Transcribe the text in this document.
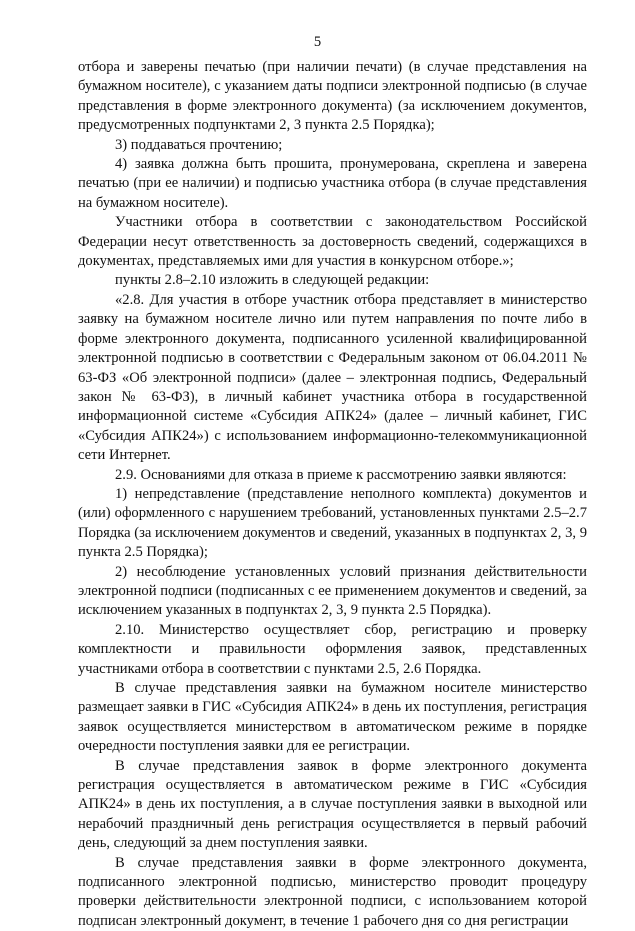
5

отбора и заверены печатью (при наличии печати) (в случае представления на бумажном носителе), с указанием даты подписи электронной подписью (в случае представления в форме электронного документа) (за исключением документов, предусмотренных подпунктами 2, 3 пункта 2.5 Порядка);

3) поддаваться прочтению;

4) заявка должна быть прошита, пронумерована, скреплена и заверена печатью (при ее наличии) и подписью участника отбора (в случае представления на бумажном носителе).

Участники отбора в соответствии с законодательством Российской Федерации несут ответственность за достоверность сведений, содержащихся в документах, представляемых ими для участия в конкурсном отборе.»;

пункты 2.8–2.10 изложить в следующей редакции:

«2.8. Для участия в отборе участник отбора представляет в министерство заявку на бумажном носителе лично или путем направления по почте либо в форме электронного документа, подписанного усиленной квалифицированной электронной подписью в соответствии с Федеральным законом от 06.04.2011 № 63-ФЗ «Об электронной подписи» (далее – электронная подпись, Федеральный закон № 63-ФЗ), в личный кабинет участника отбора в государственной информационной системе «Субсидия АПК24» (далее – личный кабинет, ГИС «Субсидия АПК24») с использованием информационно-телекоммуникационной сети Интернет.

2.9. Основаниями для отказа в приеме к рассмотрению заявки являются:

1) непредставление (представление неполного комплекта) документов и (или) оформленного с нарушением требований, установленных пунктами 2.5–2.7 Порядка (за исключением документов и сведений, указанных в подпунктах 2, 3, 9 пункта 2.5 Порядка);

2) несоблюдение установленных условий признания действительности электронной подписи (подписанных с ее применением документов и сведений, за исключением указанных в подпунктах 2, 3, 9 пункта 2.5 Порядка).

2.10. Министерство осуществляет сбор, регистрацию и проверку комплектности и правильности оформления заявок, представленных участниками отбора в соответствии с пунктами 2.5, 2.6 Порядка.

В случае представления заявки на бумажном носителе министерство размещает заявки в ГИС «Субсидия АПК24» в день их поступления, регистрация заявок осуществляется министерством в автоматическом режиме в порядке очередности поступления заявки для ее регистрации.

В случае представления заявок в форме электронного документа регистрация осуществляется в автоматическом режиме в ГИС «Субсидия АПК24» в день их поступления, а в случае поступления заявки в выходной или нерабочий праздничный день регистрация осуществляется в первый рабочий день, следующий за днем поступления заявки.

В случае представления заявки в форме электронного документа, подписанного электронной подписью, министерство проводит процедуру проверки действительности электронной подписи, с использованием которой подписан электронный документ, в течение 1 рабочего дня со дня регистрации
